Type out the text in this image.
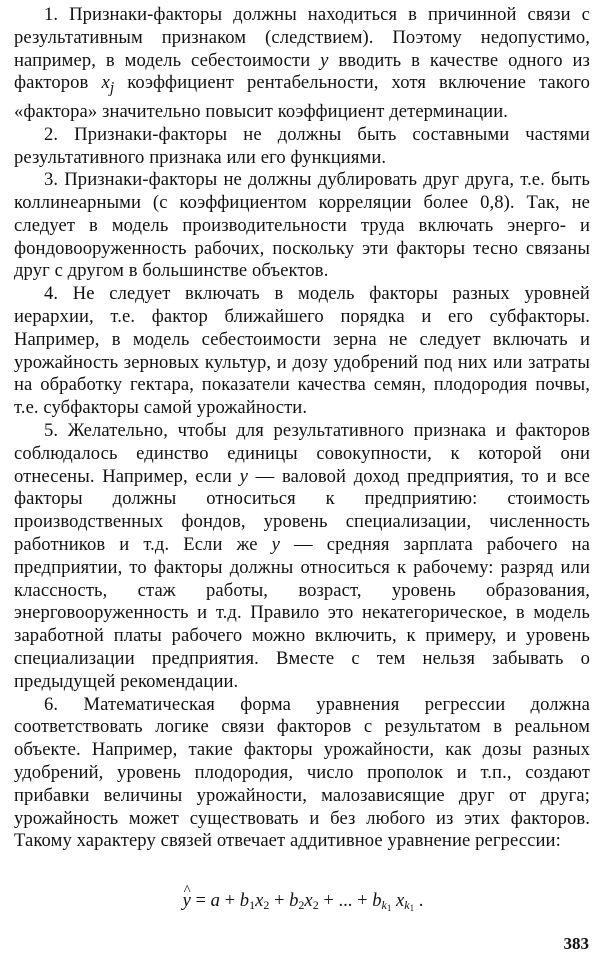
1. Признаки-факторы должны находиться в причинной связи с результативным признаком (следствием). Поэтому недопустимо, например, в модель себестоимости y вводить в качестве одного из факторов $x_j$ коэффициент рентабельности, хотя включение такого «фактора» значительно повысит коэффициент детерминации.

2. Признаки-факторы не должны быть составными частями результативного признака или его функциями.

3. Признаки-факторы не должны дублировать друг друга, т.е. быть коллинеарными (с коэффициентом корреляции более 0,8). Так, не следует в модель производительности труда включать энерго- и фондовооруженность рабочих, поскольку эти факторы тесно связаны друг с другом в большинстве объектов.

4. Не следует включать в модель факторы разных уровней иерархии, т.е. фактор ближайшего порядка и его субфакторы. Например, в модель себестоимости зерна не следует включать и урожайность зерновых культур, и дозу удобрений под них или затраты на обработку гектара, показатели качества семян, плодородия почвы, т.е. субфакторы самой урожайности.

5. Желательно, чтобы для результативного признака и факторов соблюдалось единство единицы совокупности, к которой они отнесены. Например, если y — валовой доход предприятия, то и все факторы должны относиться к предприятию: стоимость производственных фондов, уровень специализации, численность работников и т.д. Если же y — средняя зарплата рабочего на предприятии, то факторы должны относиться к рабочему: разряд или классность, стаж работы, возраст, уровень образования, энерговооруженность и т.д. Правило это некатегорическое, в модель заработной платы рабочего можно включить, к примеру, и уровень специализации предприятия. Вместе с тем нельзя забывать о предыдущей рекомендации.

6. Математическая форма уравнения регрессии должна соответствовать логике связи факторов с результатом в реальном объекте. Например, такие факторы урожайности, как дозы разных удобрений, уровень плодородия, число прополок и т.п., создают прибавки величины урожайности, малозависящие друг от друга; урожайность может существовать и без любого из этих факторов. Такому характеру связей отвечает аддитивное уравнение регрессии:

^ $y = a + b_1x_2 + b_2x_2$ + ... + $b_{k_1}$ $x_{k_1}$ .
383
